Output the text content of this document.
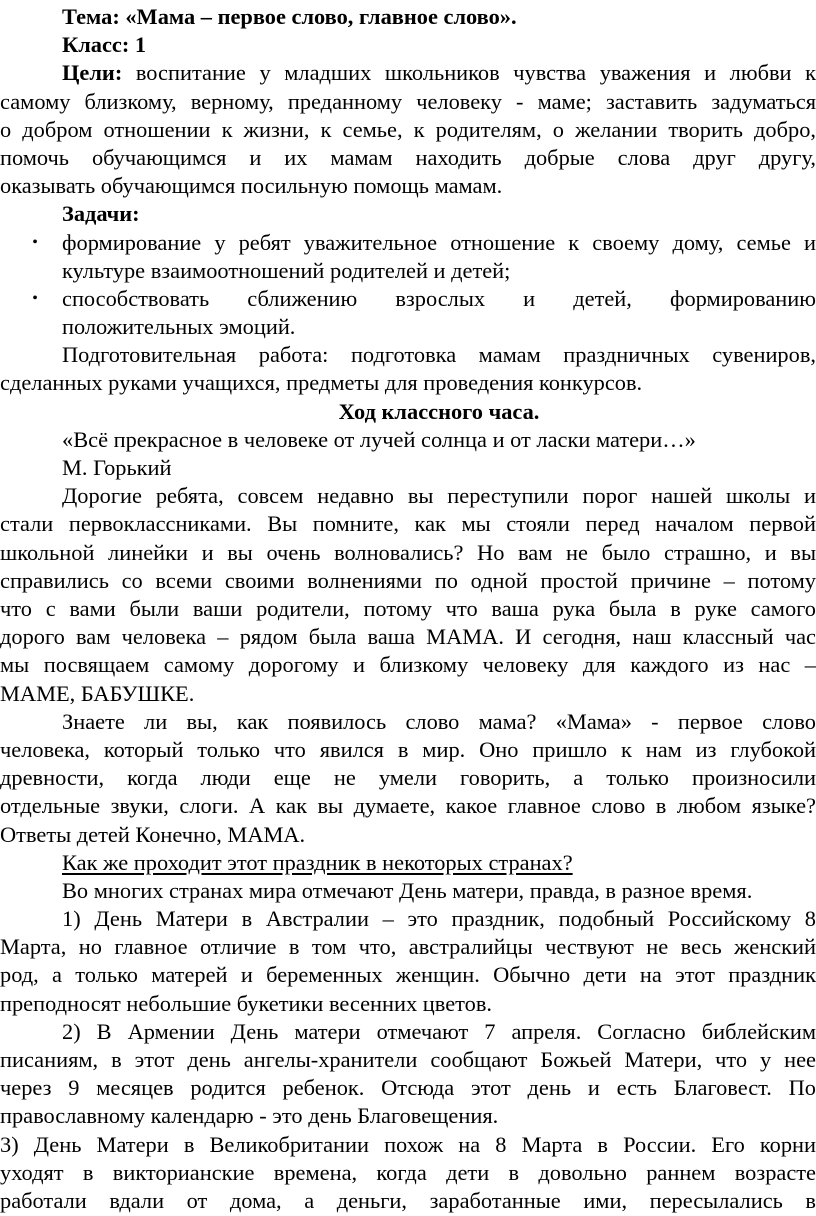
Тема: «Мама – первое слово, главное слово».
Класс: 1
Цели: воспитание у младших школьников чувства уважения и любви к
самому близкому, верному, преданному человеку - маме; заставить задуматься
о добром отношении к жизни, к семье, к родителям, о желании творить добро,
помочь обучающимся и их мамам находить добрые слова друг другу,
оказывать обучающимся посильную помощь мамам.
Задачи:
• формирование у ребят уважительное отношение к своему дому, семье и
культуре взаимоотношений родителей и детей;
• способствовать сближению взрослых и детей, формированию
положительных эмоций.
Подготовительная работа: подготовка мамам праздничных сувениров,
сделанных руками учащихся, предметы для проведения конкурсов.
Ход классного часа.
«Всё прекрасное в человеке от лучей солнца и от ласки матери…»
М. Горький
Дорогие ребята, совсем недавно вы переступили порог нашей школы и
стали первоклассниками. Вы помните, как мы стояли перед началом первой
школьной линейки и вы очень волновались? Но вам не было страшно, и вы
справились со всеми своими волнениями по одной простой причине – потому
что с вами были ваши родители, потому что ваша рука была в руке самого
дорого вам человека – рядом была ваша МАМА. И сегодня, наш классный час
мы посвящаем самому дорогому и близкому человеку для каждого из нас –
МАМЕ, БАБУШКЕ.
Знаете ли вы, как появилось слово мама? «Мама» - первое слово
человека, который только что явился в мир. Оно пришло к нам из глубокой
древности, когда люди еще не умели говорить, а только произносили
отдельные звуки, слоги. А как вы думаете, какое главное слово в любом языке?
Ответы детей Конечно, МАМА.
Как же проходит этот праздник в некоторых странах?
Во многих странах мира отмечают День матери, правда, в разное время.
1) День Матери в Австралии – это праздник, подобный Российскому 8
Марта, но главное отличие в том что, австралийцы чествуют не весь женский
род, а только матерей и беременных женщин. Обычно дети на этот праздник
преподносят небольшие букетики весенних цветов.
2) В Армении День матери отмечают 7 апреля. Согласно библейским
писаниям, в этот день ангелы-хранители сообщают Божьей Матери, что у нее
через 9 месяцев родится ребенок. Отсюда этот день и есть Благовест. По
православному календарю - это день Благовещения.
3) День Матери в Великобритании похож на 8 Марта в России. Его корни
уходят в викторианские времена, когда дети в довольно раннем возрасте
работали вдали от дома, а деньги, заработанные ими, пересылались в
